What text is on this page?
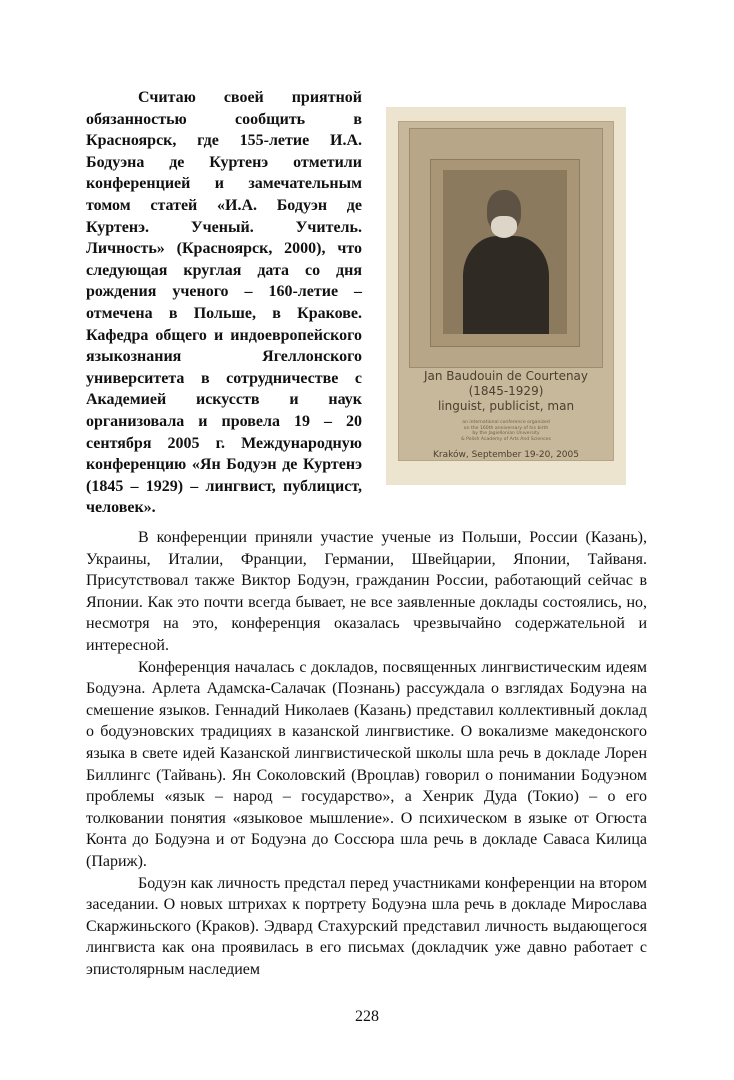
Считаю своей приятной обязанностью сообщить в Красноярск, где 155-летие И.А. Бодуэна де Куртенэ отметили конференцией и замечательным томом статей «И.А. Бодуэн де Куртенэ. Ученый. Учитель. Личность» (Красноярск, 2000), что следующая круглая дата со дня рождения ученого – 160-летие – отмечена в Польше, в Кракове. Кафедра общего и индоевропейского языкознания Ягеллонского университета в сотрудничестве с Академией искусств и наук организовала и провела 19 – 20 сентября 2005 г. Международную конференцию «Ян Бодуэн де Куртенэ (1845 – 1929) – лингвист, публицист, человек».

Jan Baudouin de Courtenay
(1845-1929)
linguist, publicist, man

an international conference organized
on the 160th anniversary of his birth
by the Jagiellonian University
& Polish Academy of Arts And Sciences

Kraków, September 19-20, 2005

В конференции приняли участие ученые из Польши, России (Казань), Украины, Италии, Франции, Германии, Швейцарии, Японии, Тайваня. Присутствовал также Виктор Бодуэн, гражданин России, работающий сейчас в Японии. Как это почти всегда бывает, не все заявленные доклады состоялись, но, несмотря на это, конференция оказалась чрезвычайно содержательной и интересной.

Конференция началась с докладов, посвященных лингвистическим идеям Бодуэна. Арлета Адамска-Салачак (Познань) рассуждала о взглядах Бодуэна на смешение языков. Геннадий Николаев (Казань) представил коллективный доклад о бодуэновских традициях в казанской лингвистике. О вокализме македонского языка в свете идей Казанской лингвистической школы шла речь в докладе Лорен Биллингс (Тайвань). Ян Соколовский (Вроцлав) говорил о понимании Бодуэном проблемы «язык – народ – государство», а Хенрик Дуда (Токио) – о его толковании понятия «языковое мышление». О психическом в языке от Огюста Конта до Бодуэна и от Бодуэна до Соссюра шла речь в докладе Саваса Килица (Париж).

Бодуэн как личность предстал перед участниками конференции на втором заседании. О новых штрихах к портрету Бодуэна шла речь в докладе Мирослава Скаржиньского (Краков). Эдвард Стахурский представил личность выдающегося лингвиста как она проявилась в его письмах (докладчик уже давно работает с эпистолярным наследием

228
